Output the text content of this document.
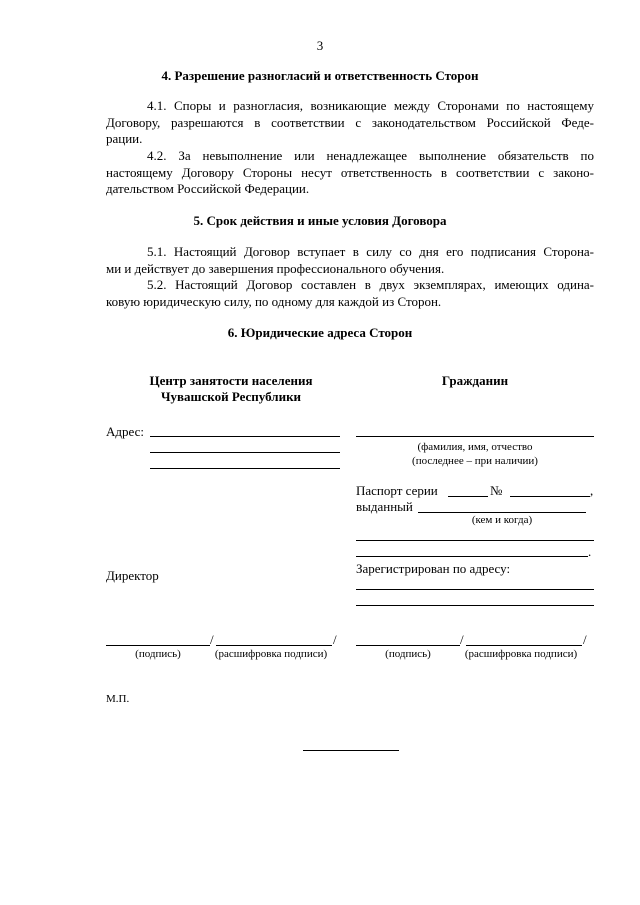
3
4. Разрешение разногласий и ответственность Сторон
4.1. Споры и разногласия, возникающие между Сторонами по настоящему
Договору, разрешаются в соответствии с законодательством Российской Феде-
рации.
4.2. За невыполнение или ненадлежащее выполнение обязательств по
настоящему Договору Стороны несут ответственность в соответствии с законо-
дательством Российской Федерации.
5. Срок действия и иные условия Договора
5.1. Настоящий Договор вступает в силу со дня его подписания Сторона-
ми и действует до завершения профессионального обучения.
5.2. Настоящий Договор составлен в двух экземплярах, имеющих одина-
ковую юридическую силу, по одному для каждой из Сторон.
6. Юридические адреса Сторон
Центр занятости населения
Чувашской Республики
Гражданин
Адрес:
(фамилия, имя, отчество
(последнее – при наличии)
Паспорт серии	№	,
выданный
(кем и когда)
.
Директор	Зарегистрирован по адресу:
/	/
(подпись)	(расшифровка подписи)
/	/
(подпись)	(расшифровка подписи)
М.П.
